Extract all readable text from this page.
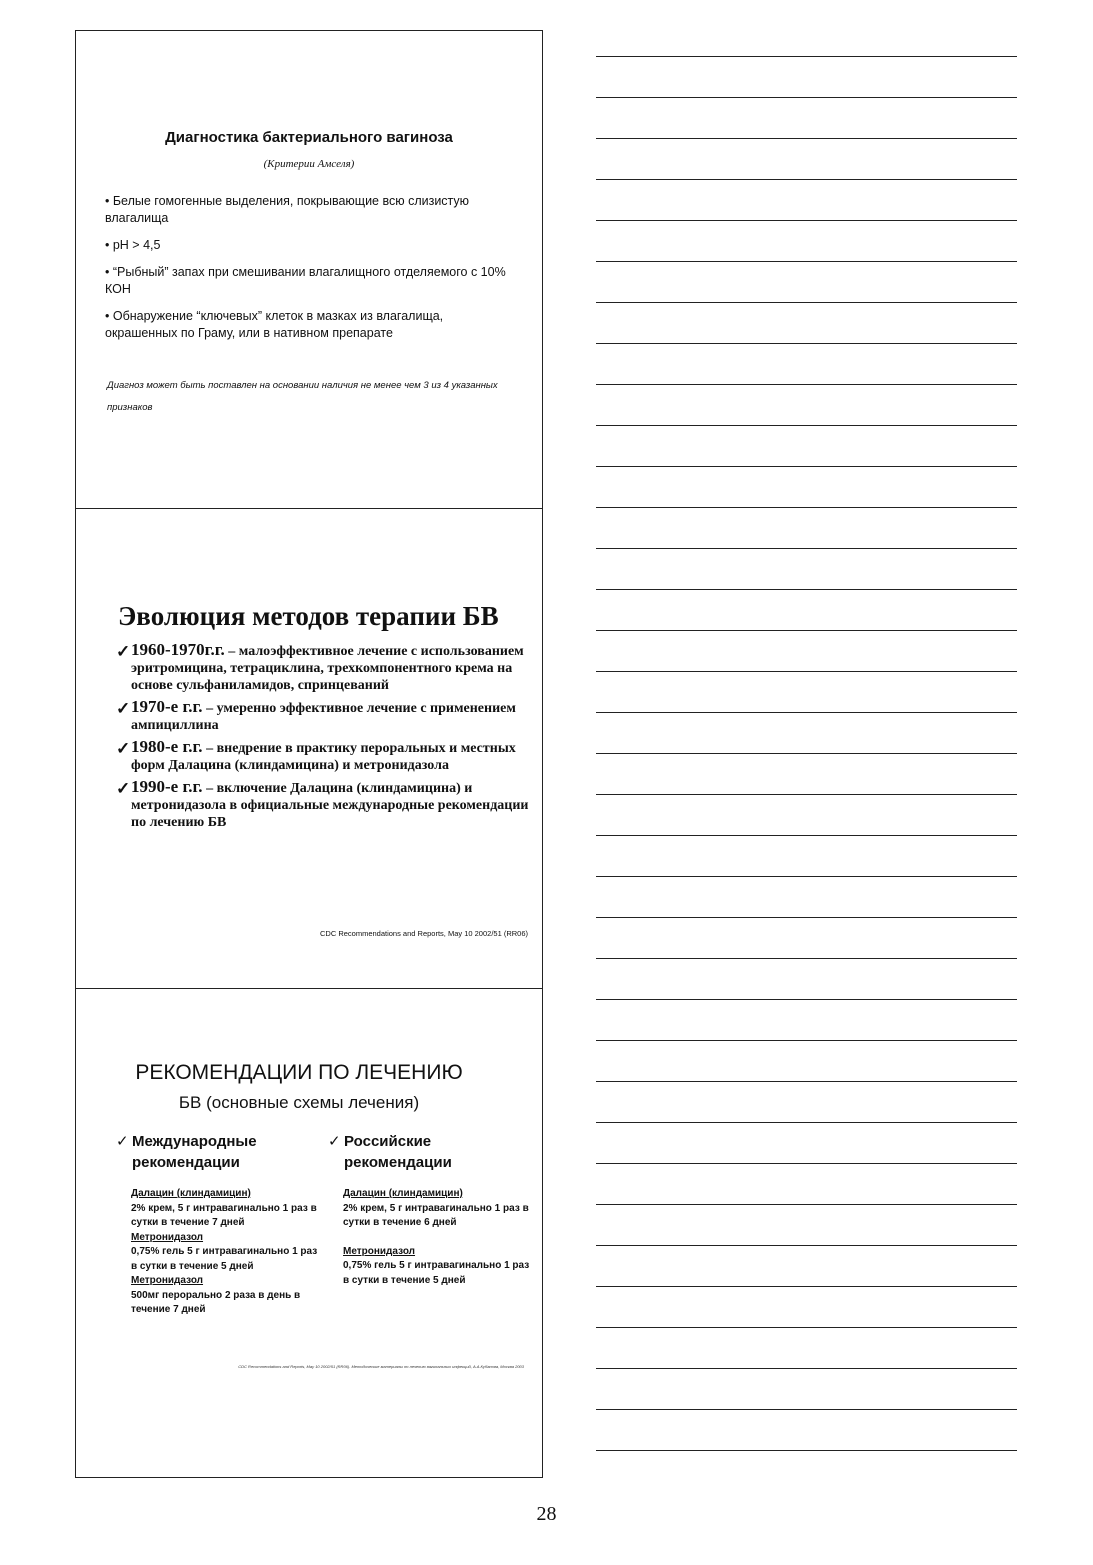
Диагностика бактериального вагиноза
(Критерии Амселя)

• Белые гомогенные выделения, покрывающие всю слизистую влагалища

• pH > 4,5

• “Рыбный” запах при смешивании влагалищного отделяемого с 10% КОН

• Обнаружение “ключевых” клеток в мазках из влагалища, окрашенных по Граму, или в нативном препарате

Диагноз может быть поставлен на основании наличия не менее чем 3 из 4 указанных признаков
Эволюция методов терапии БВ
✓ 1960-1970г.г. – малоэффективное лечение с использованием эритромицина, тетрациклина, трехкомпонентного крема на основе сульфаниламидов, спринцеваний
✓ 1970-е г.г. – умеренно эффективное лечение с применением ампициллина
✓ 1980-е г.г. – внедрение в практику пероральных и местных форм Далацина (клиндамицина) и метронидазола
✓ 1990-е г.г. – включение Далацина (клиндамицина) и метронидазола в официальные международные рекомендации по лечению БВ
CDC Recommendations and Reports, May 10 2002/51 (RR06)
РЕКОМЕНДАЦИИ ПО ЛЕЧЕНИЮ
БВ (основные схемы лечения)
✓ Международные рекомендации
Далацин (клиндамицин)
2% крем, 5 г интравагинально 1 раз в сутки в течение 7 дней
Метронидазол
0,75% гель 5 г интравагинально 1 раз в сутки в течение 5 дней
Метронидазол
500мг перорально 2 раза в день в течение 7 дней
✓ Российские рекомендации
Далацин (клиндамицин)
2% крем, 5 г интравагинально 1 раз в сутки в течение 6 дней
Метронидазол
0,75% гель 5 г интравагинально 1 раз в сутки в течение 5 дней
CDC Recommendations and Reports, May 10 2002/51 (RR06). Методические материалы по лечению вагинальных инфекций, А.А.Кубанова, Москва 2003
28
